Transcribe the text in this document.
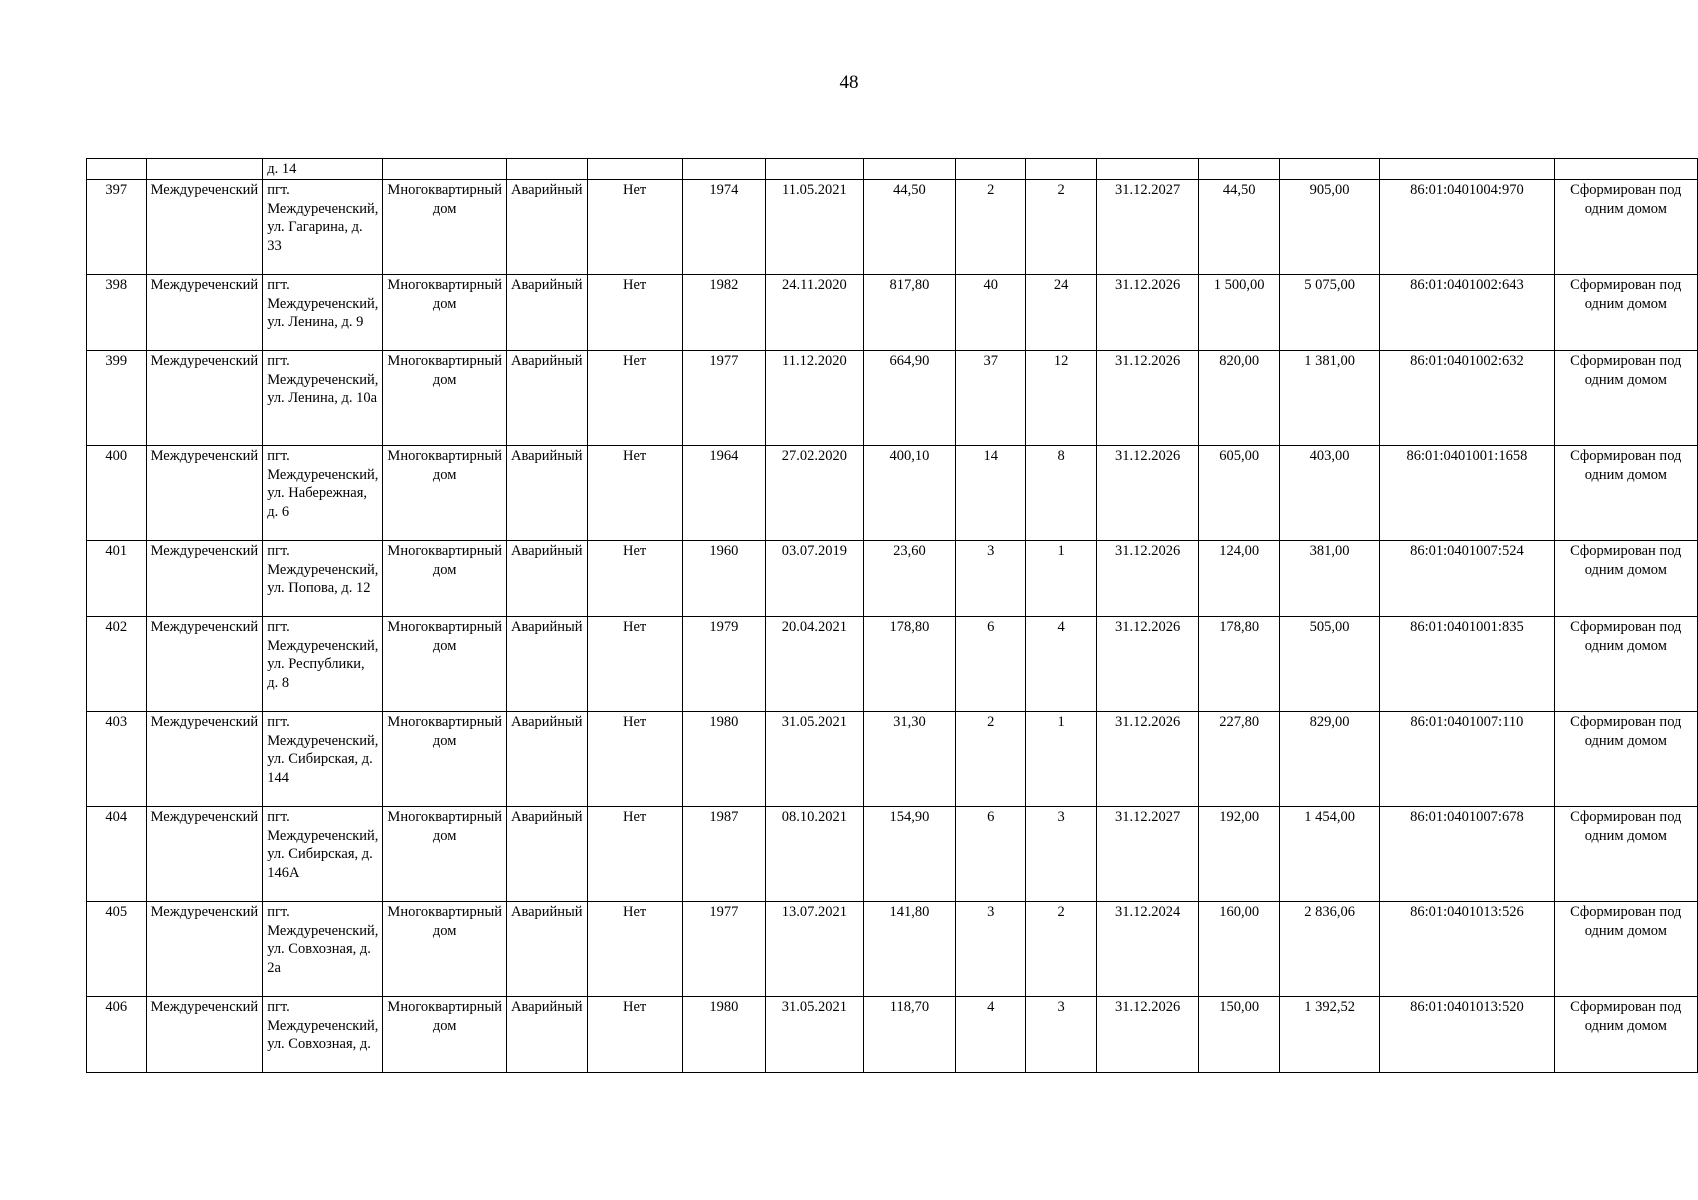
48
		д. 14													
397	Междуреченский	пгт. Междуреченский, ул. Гагарина, д. 33	Многоквартирный дом	Аварийный	Нет	1974	11.05.2021	44,50	2	2	31.12.2027	44,50	905,00	86:01:0401004:970	Сформирован под одним домом
398	Междуреченский	пгт. Междуреченский, ул. Ленина, д. 9	Многоквартирный дом	Аварийный	Нет	1982	24.11.2020	817,80	40	24	31.12.2026	1 500,00	5 075,00	86:01:0401002:643	Сформирован под одним домом
399	Междуреченский	пгт. Междуреченский, ул. Ленина, д. 10а	Многоквартирный дом	Аварийный	Нет	1977	11.12.2020	664,90	37	12	31.12.2026	820,00	1 381,00	86:01:0401002:632	Сформирован под одним домом
400	Междуреченский	пгт. Междуреченский, ул. Набережная, д. 6	Многоквартирный дом	Аварийный	Нет	1964	27.02.2020	400,10	14	8	31.12.2026	605,00	403,00	86:01:0401001:1658	Сформирован под одним домом
401	Междуреченский	пгт. Междуреченский, ул. Попова, д. 12	Многоквартирный дом	Аварийный	Нет	1960	03.07.2019	23,60	3	1	31.12.2026	124,00	381,00	86:01:0401007:524	Сформирован под одним домом
402	Междуреченский	пгт. Междуреченский, ул. Республики, д. 8	Многоквартирный дом	Аварийный	Нет	1979	20.04.2021	178,80	6	4	31.12.2026	178,80	505,00	86:01:0401001:835	Сформирован под одним домом
403	Междуреченский	пгт. Междуреченский, ул. Сибирская, д. 144	Многоквартирный дом	Аварийный	Нет	1980	31.05.2021	31,30	2	1	31.12.2026	227,80	829,00	86:01:0401007:110	Сформирован под одним домом
404	Междуреченский	пгт. Междуреченский, ул. Сибирская, д. 146А	Многоквартирный дом	Аварийный	Нет	1987	08.10.2021	154,90	6	3	31.12.2027	192,00	1 454,00	86:01:0401007:678	Сформирован под одним домом
405	Междуреченский	пгт. Междуреченский, ул. Совхозная, д. 2а	Многоквартирный дом	Аварийный	Нет	1977	13.07.2021	141,80	3	2	31.12.2024	160,00	2 836,06	86:01:0401013:526	Сформирован под одним домом
406	Междуреченский	пгт. Междуреченский, ул. Совхозная, д.	Многоквартирный дом	Аварийный	Нет	1980	31.05.2021	118,70	4	3	31.12.2026	150,00	1 392,52	86:01:0401013:520	Сформирован под одним домом
